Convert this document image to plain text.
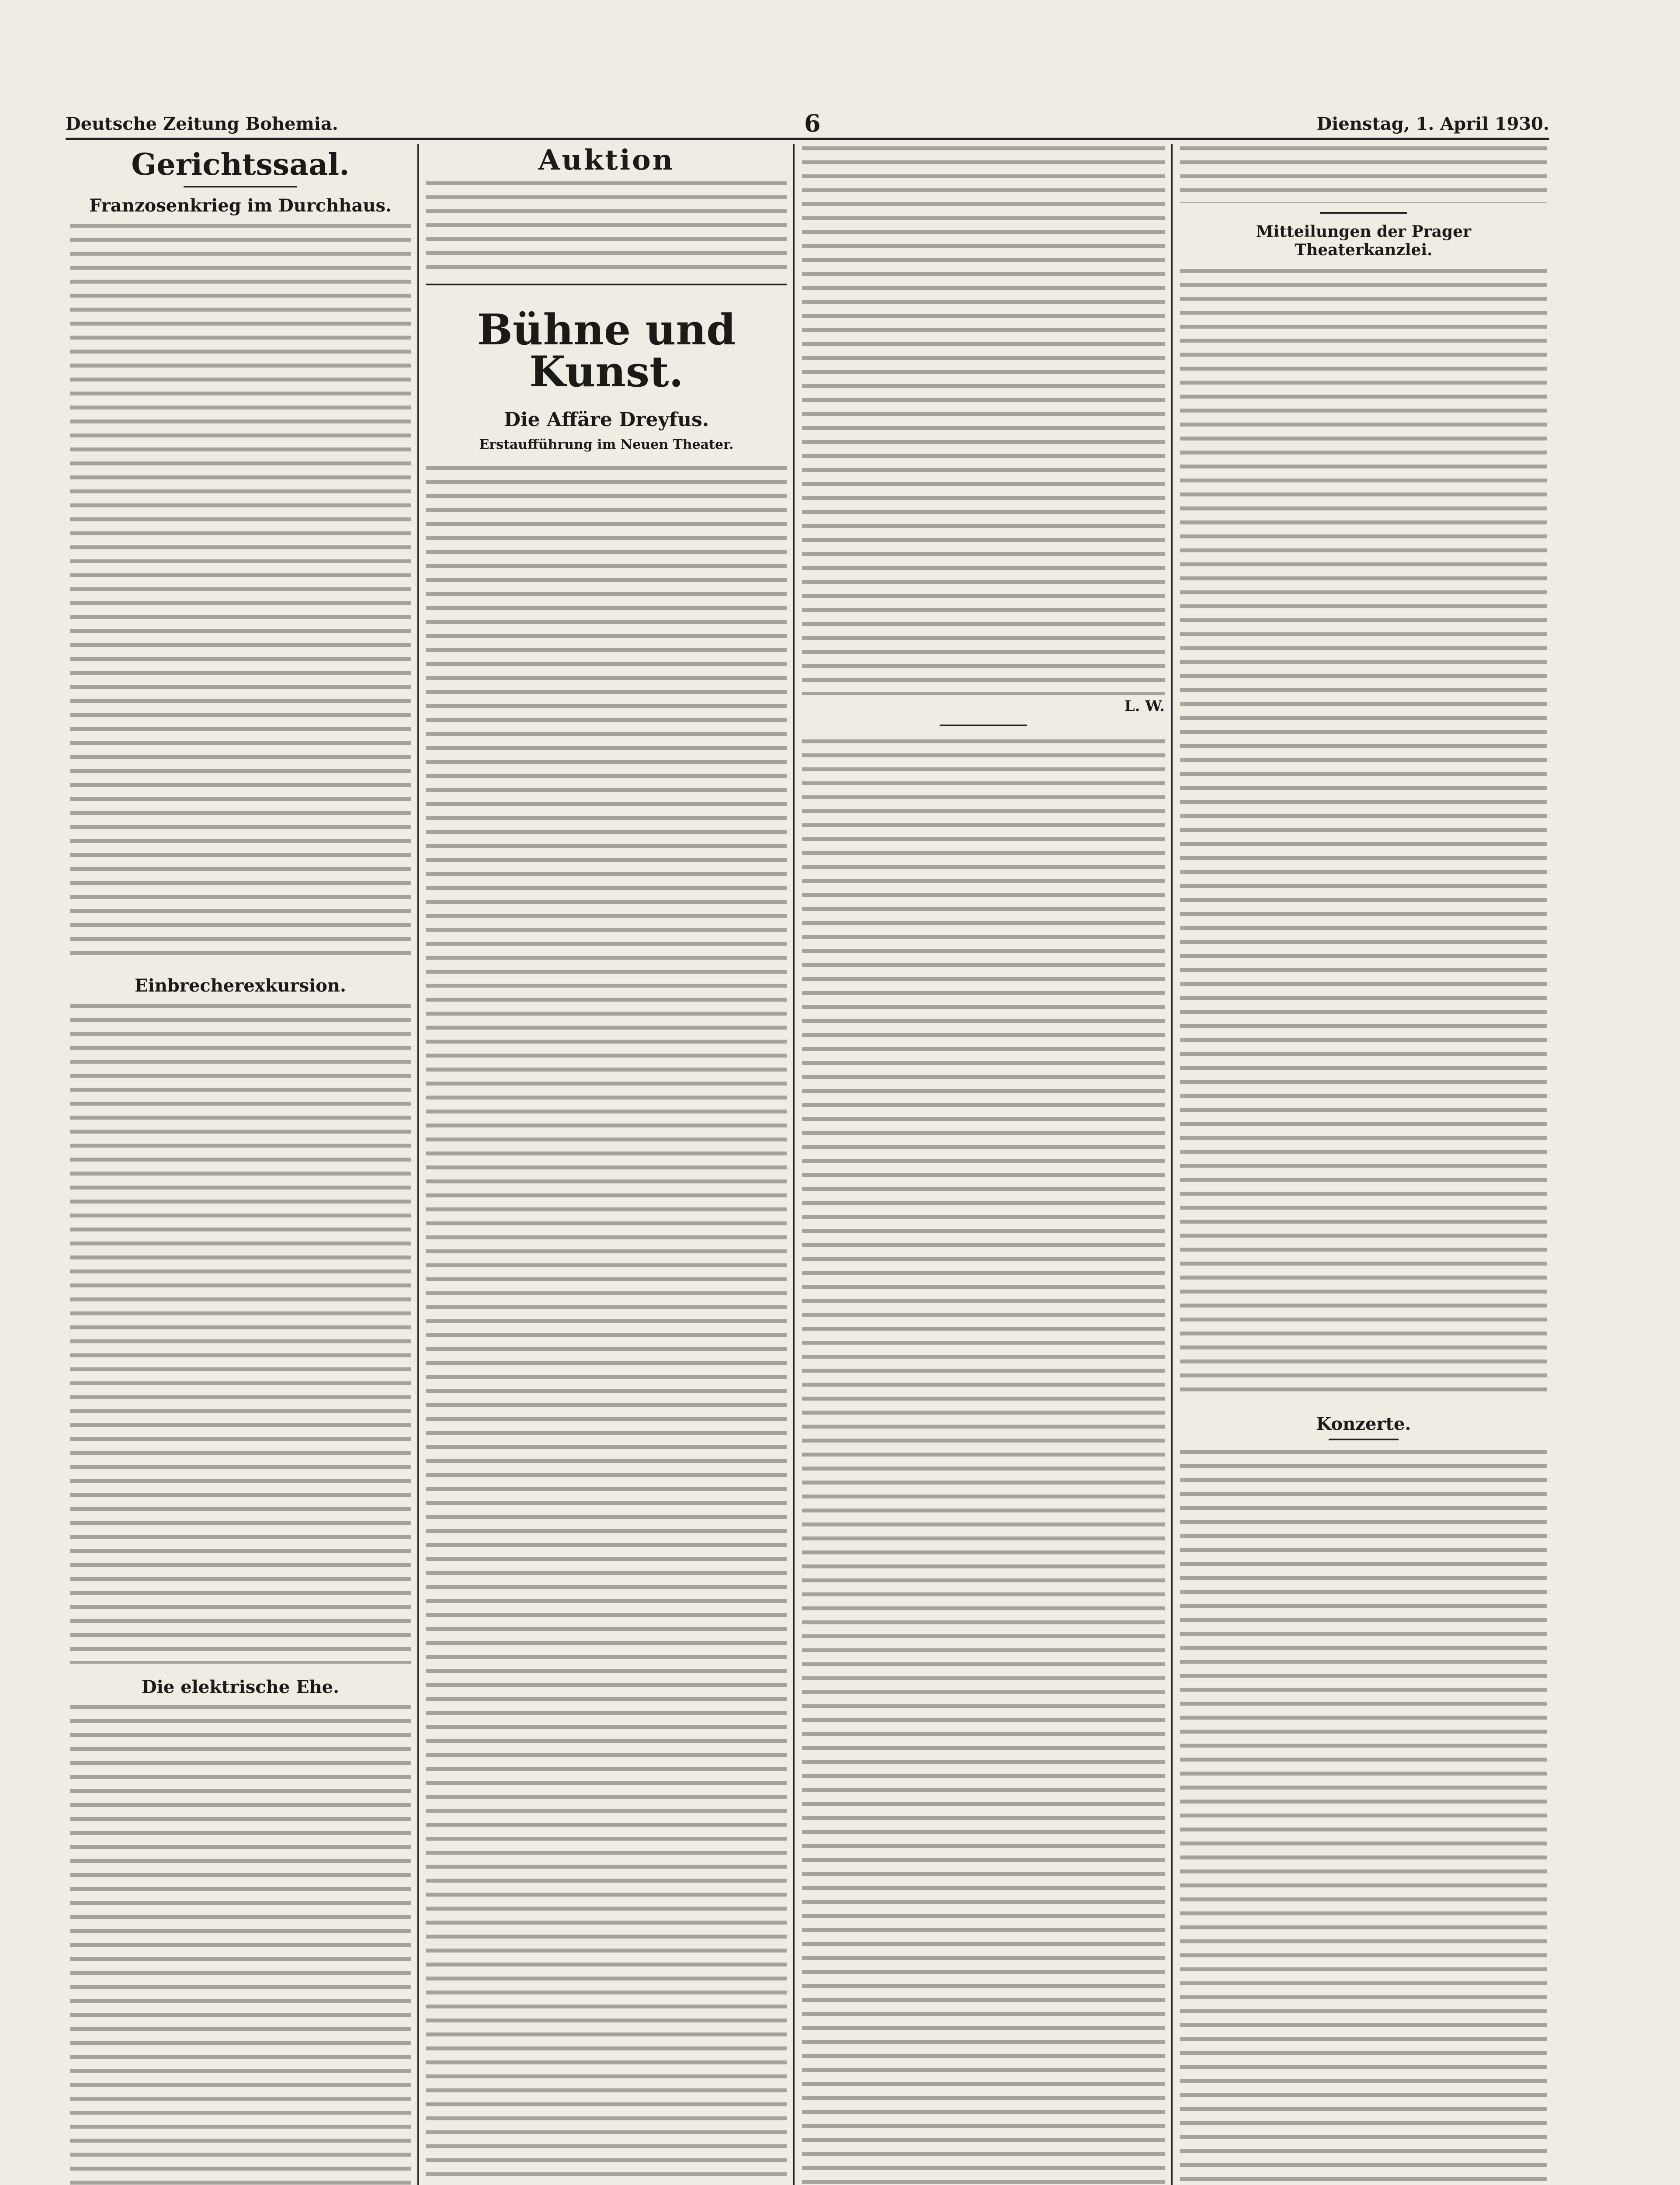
Deutsche Zeitung Bohemia.	6	Dienstag, 1. April 1930.
Gerichtssaal.
Franzosenkrieg im Durchhaus.
Einbrecherexkursion.
Die elektrische Ehe.
Auktion
Bühne und Kunst.
Die Affäre Dreyfus.
Erstaufführung im Neuen Theater.
L. W.
Mitteilungen der Prager Theaterkanzlei.
Konzerte.
